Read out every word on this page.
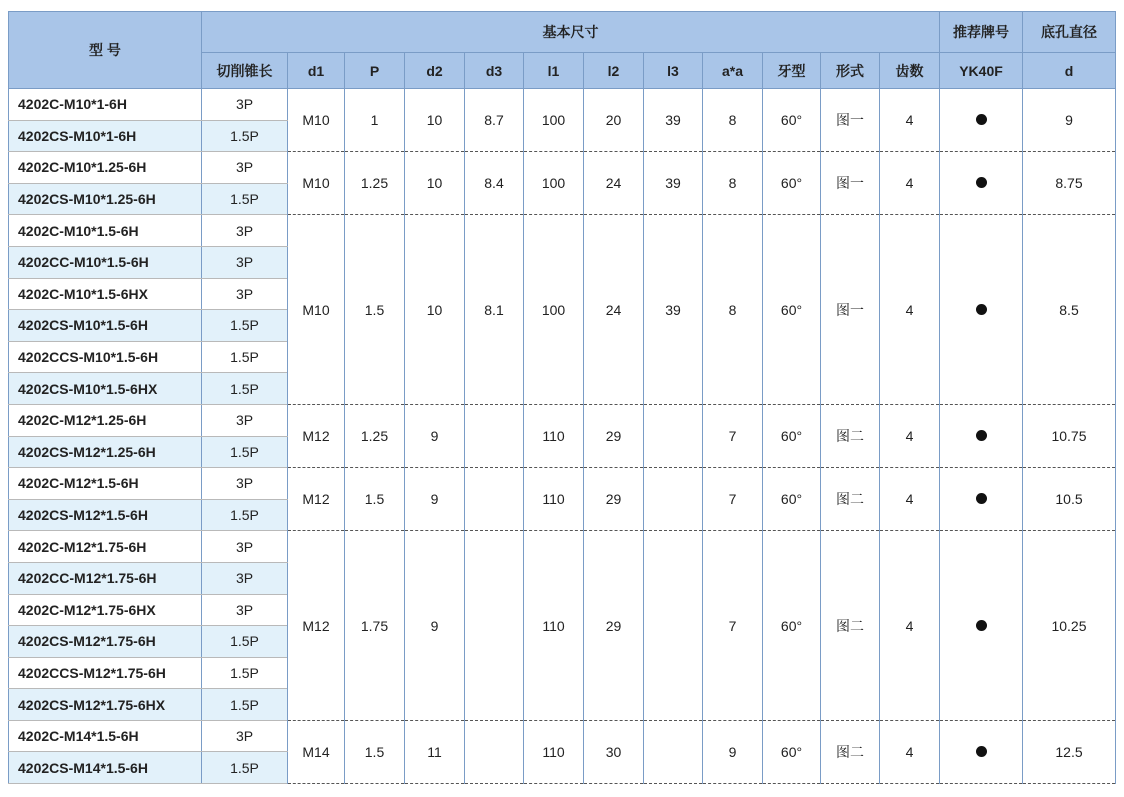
型 号	基本尺寸												推荐牌号	底孔直径
	切削锥长	d1	P	d2	d3	l1	l2	l3	a*a	牙型	形式	齿数	YK40F	d
4202C-M10*1-6H	3P	M10	1	10	8.7	100	20	39	8	60°	图一	4		9
4202CS-M10*1-6H	1.5P													
4202C-M10*1.25-6H	3P	M10	1.25	10	8.4	100	24	39	8	60°	图一	4		8.75
4202CS-M10*1.25-6H	1.5P													
4202C-M10*1.5-6H	3P	M10	1.5	10	8.1	100	24	39	8	60°	图一	4		8.5
4202CC-M10*1.5-6H	3P													
4202C-M10*1.5-6HX	3P													
4202CS-M10*1.5-6H	1.5P													
4202CCS-M10*1.5-6H	1.5P													
4202CS-M10*1.5-6HX	1.5P													
4202C-M12*1.25-6H	3P	M12	1.25	9		110	29		7	60°	图二	4		10.75
4202CS-M12*1.25-6H	1.5P													
4202C-M12*1.5-6H	3P	M12	1.5	9		110	29		7	60°	图二	4		10.5
4202CS-M12*1.5-6H	1.5P													
4202C-M12*1.75-6H	3P	M12	1.75	9		110	29		7	60°	图二	4		10.25
4202CC-M12*1.75-6H	3P													
4202C-M12*1.75-6HX	3P													
4202CS-M12*1.75-6H	1.5P													
4202CCS-M12*1.75-6H	1.5P													
4202CS-M12*1.75-6HX	1.5P													
4202C-M14*1.5-6H	3P	M14	1.5	11		110	30		9	60°	图二	4		12.5
4202CS-M14*1.5-6H	1.5P													
